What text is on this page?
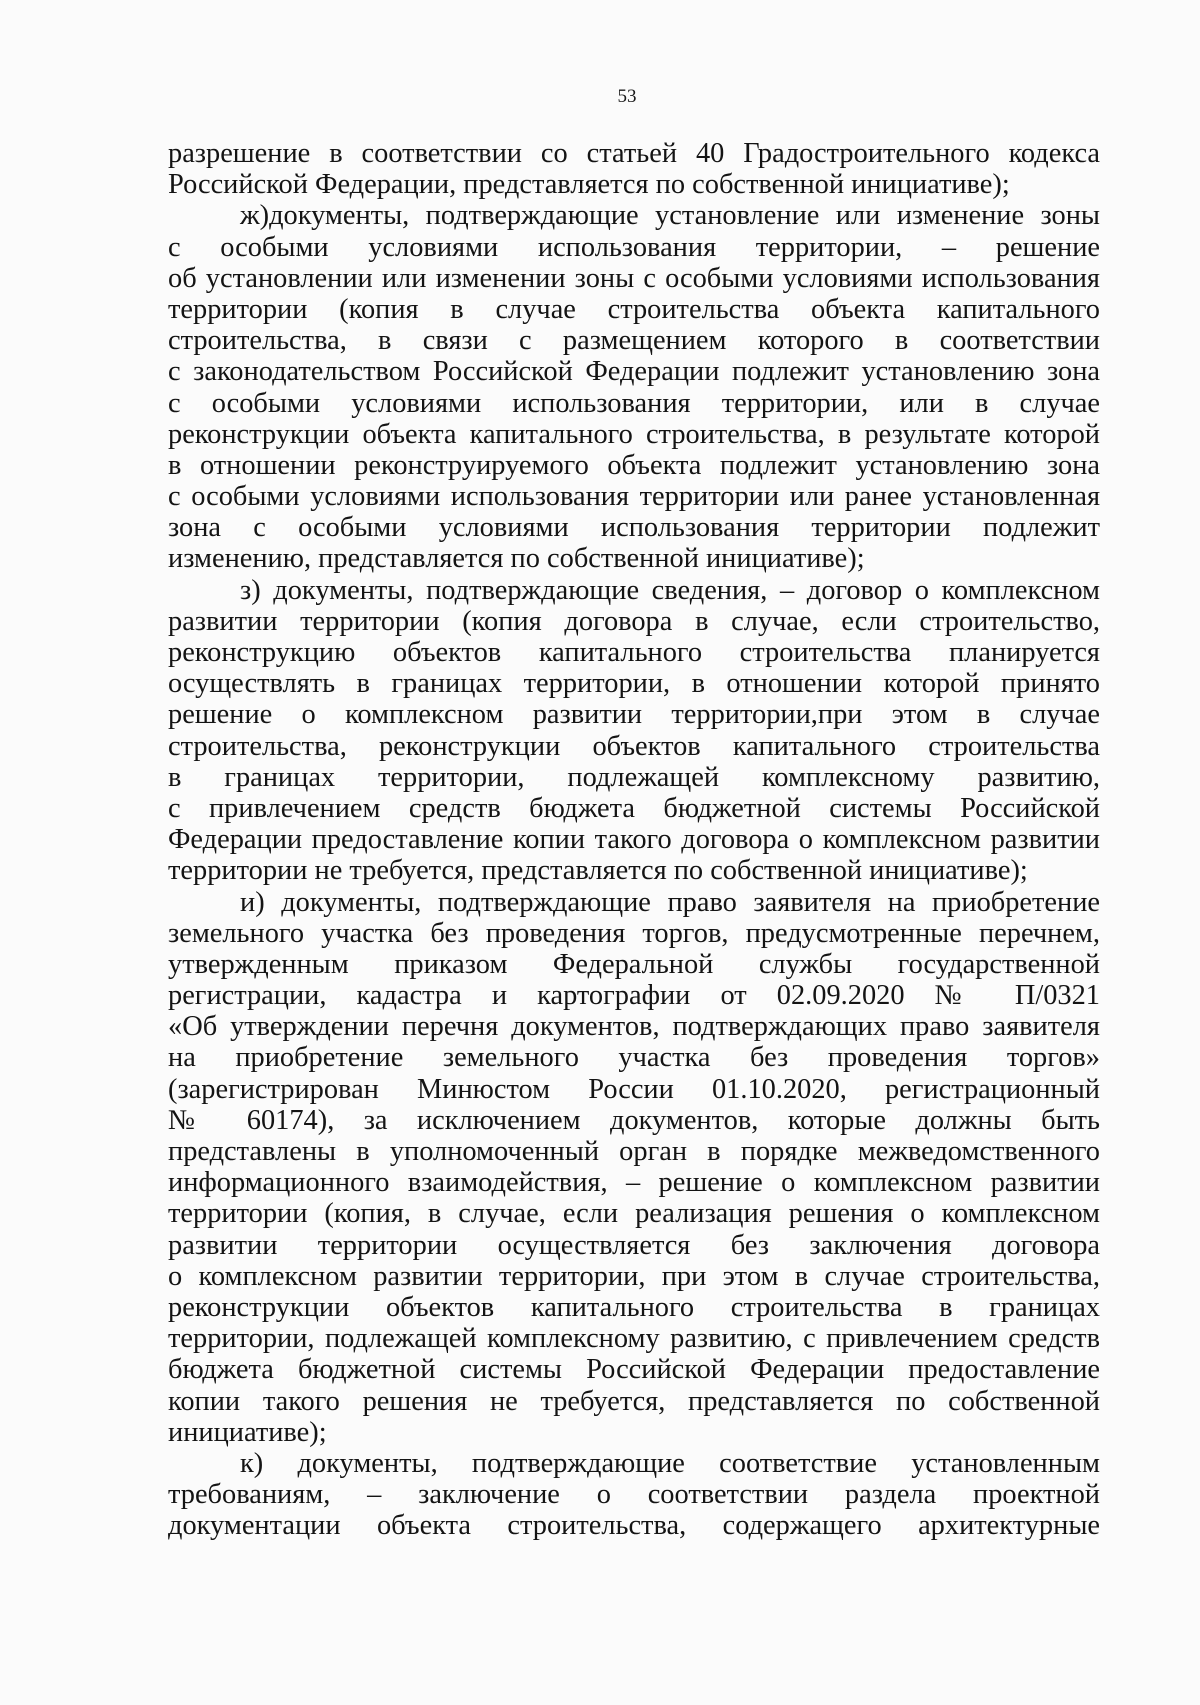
53
разрешение в соответствии со статьей 40 Градостроительного кодекса
Российской Федерации, представляется по собственной инициативе);
ж)документы, подтверждающие установление или изменение зоны
с особыми условиями использования территории, – решение
об установлении или изменении зоны с особыми условиями использования
территории (копия в случае строительства объекта капитального
строительства, в связи с размещением которого в соответствии
с законодательством Российской Федерации подлежит установлению зона
с особыми условиями использования территории, или в случае
реконструкции объекта капитального строительства, в результате которой
в отношении реконструируемого объекта подлежит установлению зона
с особыми условиями использования территории или ранее установленная
зона с особыми условиями использования территории подлежит
изменению, представляется по собственной инициативе);
з) документы, подтверждающие сведения, – договор о комплексном
развитии территории (копия договора в случае, если строительство,
реконструкцию объектов капитального строительства планируется
осуществлять в границах территории, в отношении которой принято
решение о комплексном развитии территории,при этом в случае
строительства, реконструкции объектов капитального строительства
в границах территории, подлежащей комплексному развитию,
с привлечением средств бюджета бюджетной системы Российской
Федерации предоставление копии такого договора о комплексном развитии
территории не требуется, представляется по собственной инициативе);
и) документы, подтверждающие право заявителя на приобретение
земельного участка без проведения торгов, предусмотренные перечнем,
утвержденным приказом Федеральной службы государственной
регистрации, кадастра и картографии от 02.09.2020 № П/0321
«Об утверждении перечня документов, подтверждающих право заявителя
на приобретение земельного участка без проведения торгов»
(зарегистрирован Минюстом России 01.10.2020, регистрационный
№ 60174), за исключением документов, которые должны быть
представлены в уполномоченный орган в порядке межведомственного
информационного взаимодействия, – решение о комплексном развитии
территории (копия, в случае, если реализация решения о комплексном
развитии территории осуществляется без заключения договора
о комплексном развитии территории, при этом в случае строительства,
реконструкции объектов капитального строительства в границах
территории, подлежащей комплексному развитию, с привлечением средств
бюджета бюджетной системы Российской Федерации предоставление
копии такого решения не требуется, представляется по собственной
инициативе);
к) документы, подтверждающие соответствие установленным
требованиям, – заключение о соответствии раздела проектной
документации объекта строительства, содержащего архитектурные
